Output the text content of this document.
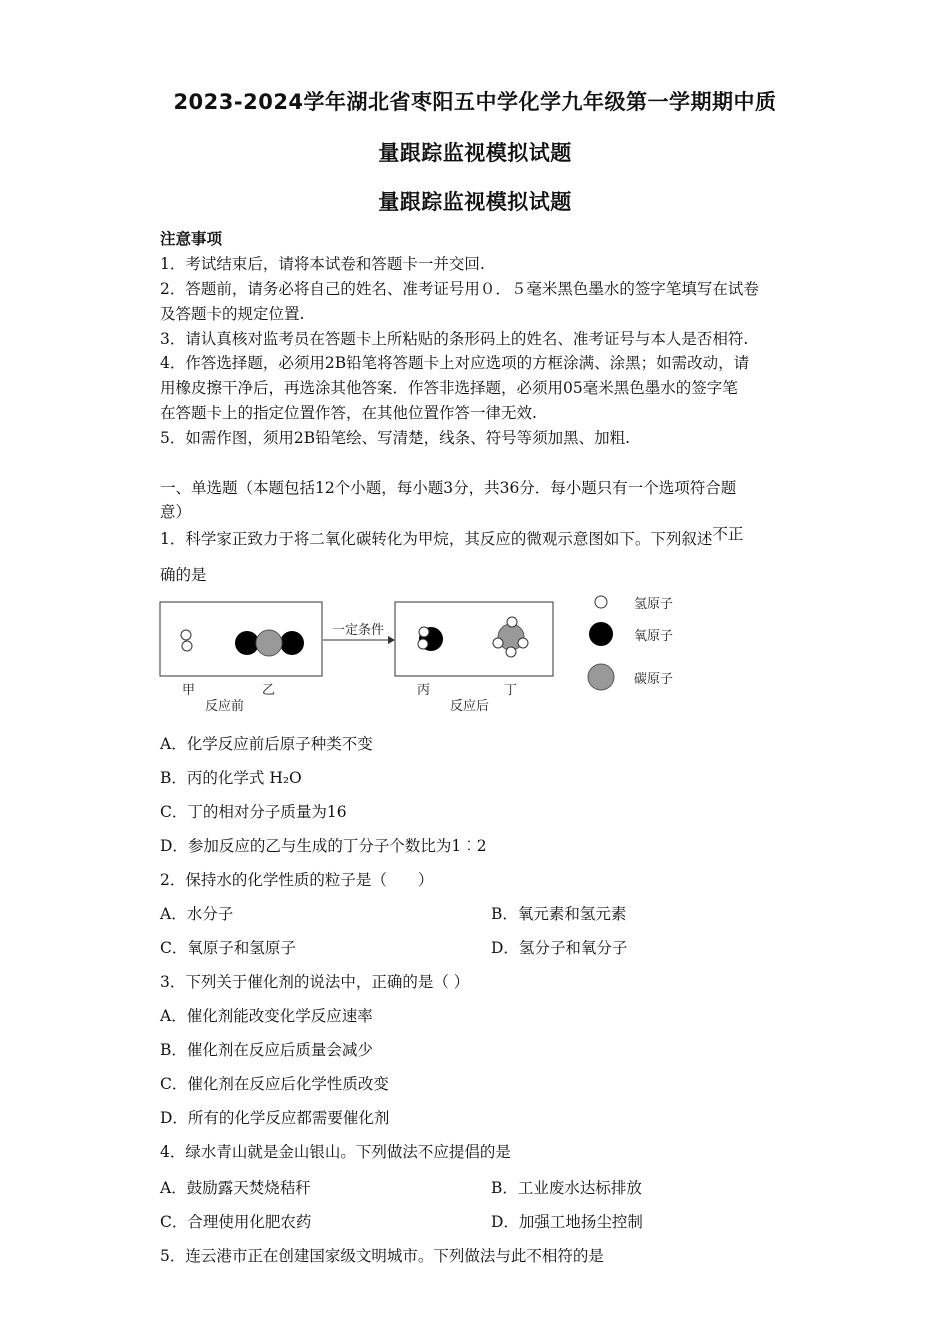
2023-2024学年湖北省枣阳五中学化学九年级第一学期期中质
量跟踪监视模拟试题
量跟踪监视模拟试题
注意事项
1．考试结束后，请将本试卷和答题卡一并交回.
2．答题前，请务必将自己的姓名、准考证号用０．５毫米黑色墨水的签字笔填写在试卷
及答题卡的规定位置.
3．请认真核对监考员在答题卡上所粘贴的条形码上的姓名、准考证号与本人是否相符.
4．作答选择题，必须用2B铅笔将答题卡上对应选项的方框涂满、涂黑；如需改动，请
用橡皮擦干净后，再选涂其他答案．作答非选择题，必须用05毫米黑色墨水的签字笔
在答题卡上的指定位置作答，在其他位置作答一律无效.
5．如需作图，须用2B铅笔绘、写清楚，线条、符号等须加黑、加粗.
一、单选题（本题包括12个小题，每小题3分，共36分．每小题只有一个选项符合题
意）
1．科学家正致力于将二氧化碳转化为甲烷，其反应的微观示意图如下。下列叙述不正
确的是
一定条件
甲	乙
反应前
丙	丁
反应后
氢原子
氧原子
碳原子
A．化学反应前后原子种类不变
B．丙的化学式 H₂O
C．丁的相对分子质量为16
D．参加反应的乙与生成的丁分子个数比为1︰2
2．保持水的化学性质的粒子是（　　）
A．水分子	B．氧元素和氢元素
C．氧原子和氢原子	D．氢分子和氧分子
3．下列关于催化剂的说法中，正确的是（ ）
A．催化剂能改变化学反应速率
B．催化剂在反应后质量会减少
C．催化剂在反应后化学性质改变
D．所有的化学反应都需要催化剂
4．绿水青山就是金山银山。下列做法不应提倡的是
A．鼓励露天焚烧秸秆	B．工业废水达标排放
C．合理使用化肥农药	D．加强工地扬尘控制
5．连云港市正在创建国家级文明城市。下列做法与此不相符的是
